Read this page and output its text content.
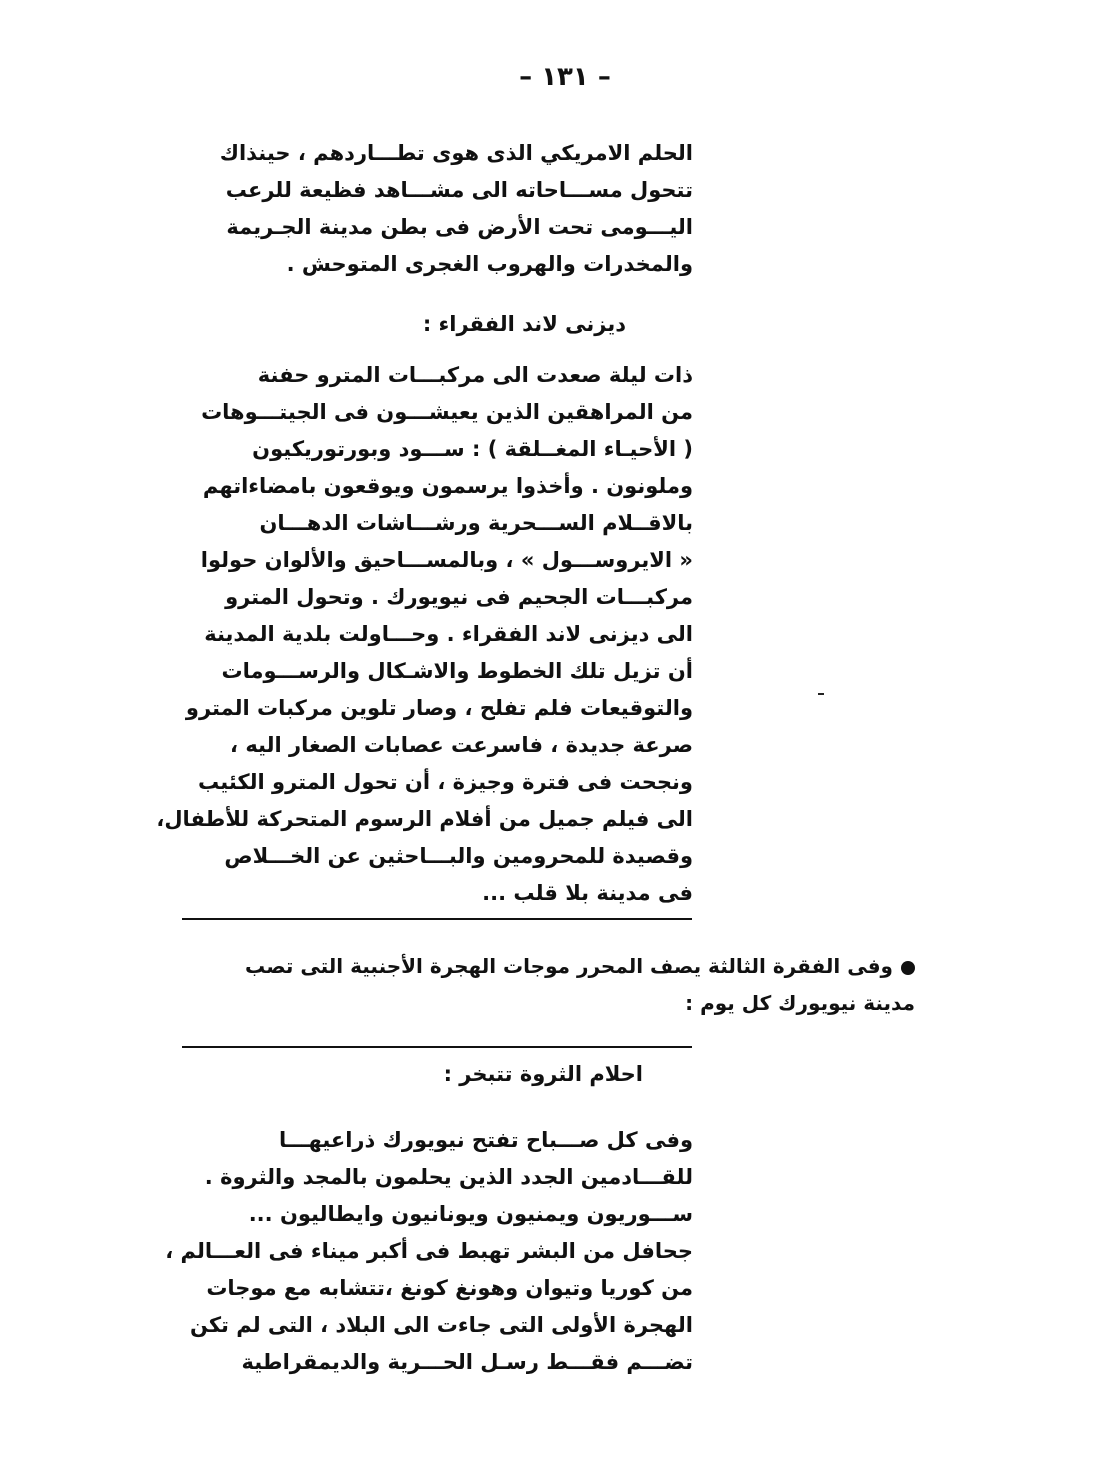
– ١٣١ –
الحلم الامريكي الذى هوى تطـــاردهم ، حينذاك
تتحول مســـاحاته الى مشـــاهد فظيعة للرعب
اليـــومى تحت الأرض فى بطن مدينة الجـريمة
والمخدرات والهروب الغجرى المتوحش .
ديزنى لاند الفقراء :
ذات ليلة صعدت الى مركبـــات المترو حفنة
من المراهقين الذين يعيشـــون فى الجيتـــوهات
( الأحيـاء المغــلقة ) : ســـود وبورتوريكيون
وملونون . وأخذوا يرسمون ويوقعون بامضاءاتهم
بالاقــلام الســـحرية ورشـــاشات الدهـــان
« الايروســـول » ، وبالمســـاحيق والألوان حولوا
مركبـــات الجحيم فى نيويورك . وتحول المترو
الى ديزنى لاند الفقراء . وحـــاولت بلدية المدينة
أن تزيل تلك الخطوط والاشـكال والرســـومات
والتوقيعات فلم تفلح ، وصار تلوين مركبات المترو
صرعة جديدة ، فاسرعت عصابات الصغار اليه ،
ونجحت فى فترة وجيزة ، أن تحول المترو الكئيب
الى فيلم جميل من أفلام الرسوم المتحركة للأطفال،
وقصيدة للمحرومين والبـــاحثين عن الخـــلاص
فى مدينة بلا قلب ...
وفى الفقرة الثالثة يصف المحرر موجات الهجرة الأجنبية التى تصب
مدينة نيويورك كل يوم :
احلام الثروة تتبخر :
وفى كل صـــباح تفتح نيويورك ذراعيهـــا
للقـــادمين الجدد الذين يحلمون بالمجد والثروة .
ســـوريون ويمنيون ويونانيون وايطاليون ...
جحافل من البشر تهبط فى أكبر ميناء فى العـــالم ،
من كوريا وتيوان وهونغ كونغ ،تتشابه مع موجات
الهجرة الأولى التى جاءت الى البلاد ، التى لم تكن
تضـــم فقـــط رسـل الحـــرية والديمقراطية
